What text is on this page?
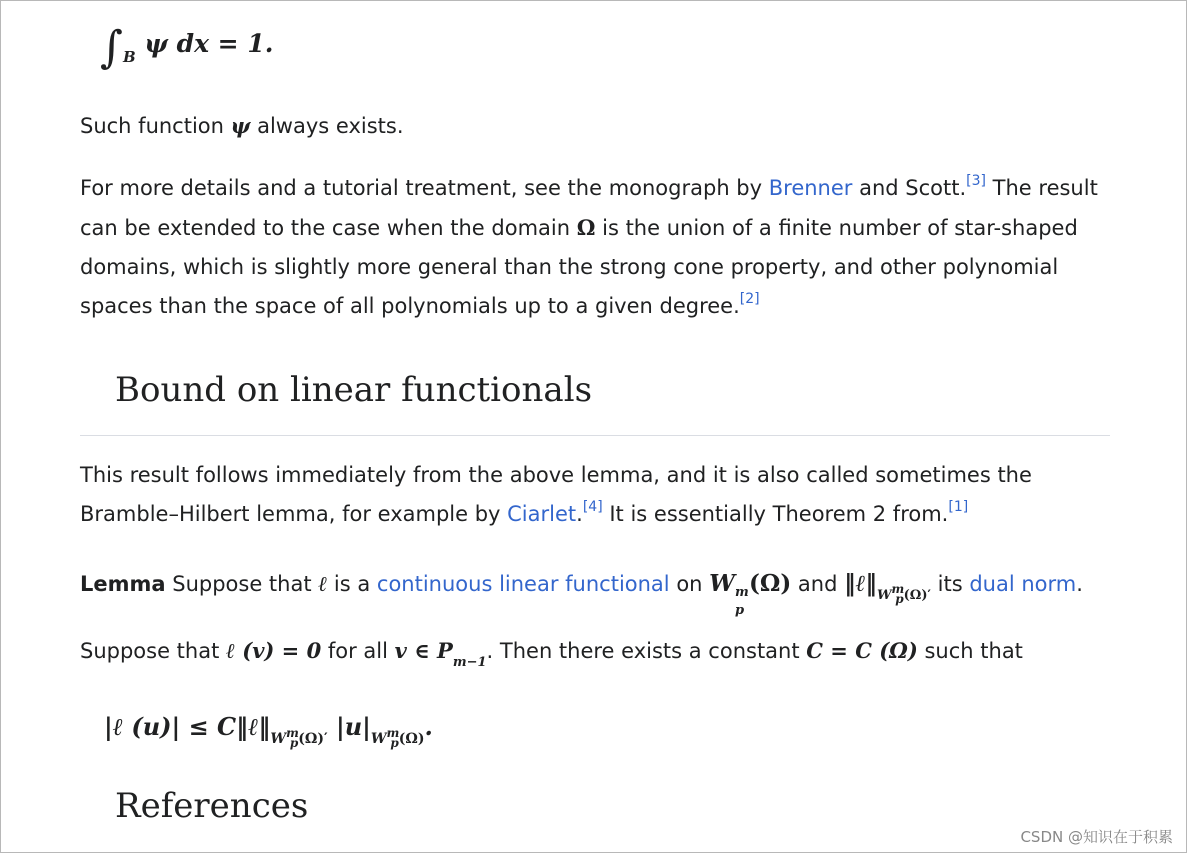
$\int_B$ ψ dx = 1.

Such function ψ always exists.

For more details and a tutorial treatment, see the monograph by Brenner and Scott.[3] The result can be extended to the case when the domain Ω is the union of a finite number of star-shaped domains, which is slightly more general than the strong cone property, and other polynomial spaces than the space of all polynomials up to a given degree.[2]

Bound on linear functionals

This result follows immediately from the above lemma, and it is also called sometimes the Bramble–Hilbert lemma, for example by Ciarlet.[4] It is essentially Theorem 2 from.[1]

Lemma Suppose that ℓ is a continuous linear functional on W m
p
(Ω) and $‖\ell‖_{Wmp(\Omega)'}$ its dual norm. Suppose that ℓ (v) = 0 for all v ∈ $P_{m-1}$. Then there exists a constant C = C (Ω) such that

|ℓ $(u)| \le C‖\ell‖_{Wmp(\Omega)'}$ $|u|_{Wmp(\Omega)}$.
References
CSDN @知识在于积累
